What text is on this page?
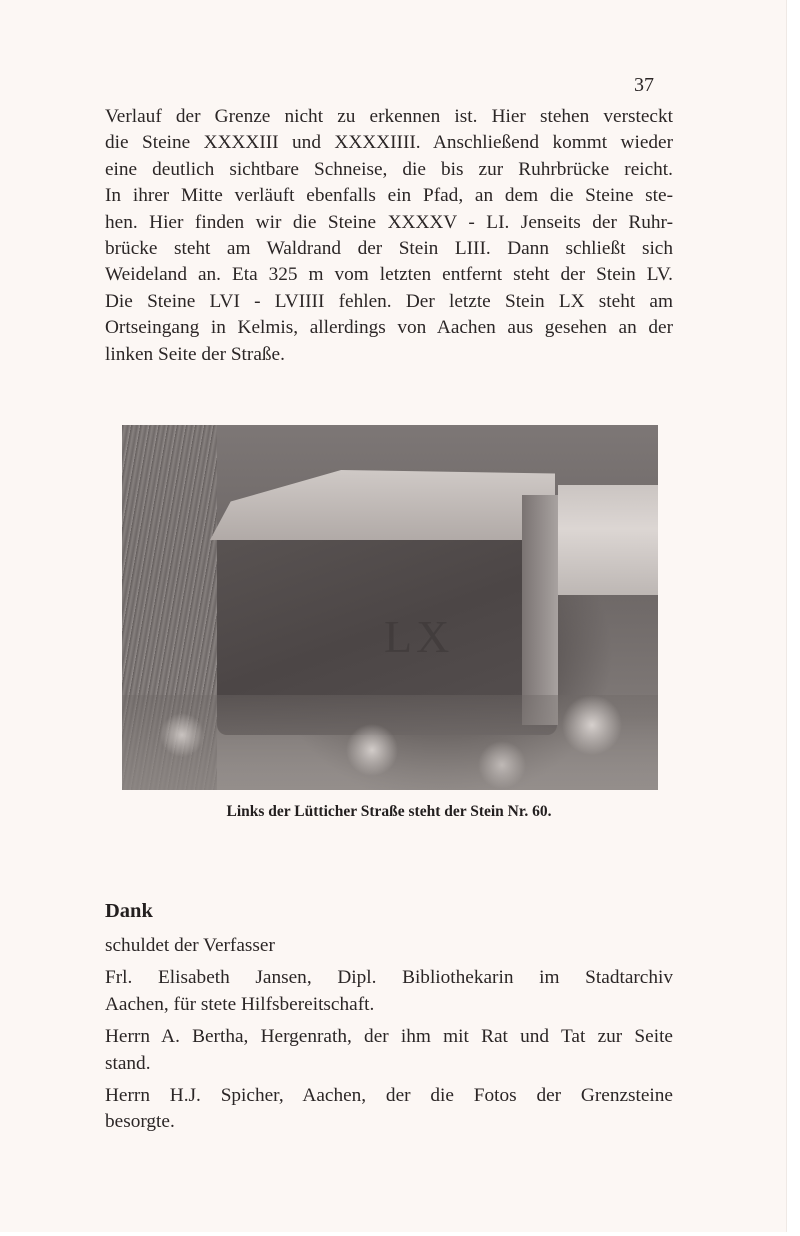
37
Verlauf der Grenze nicht zu erkennen ist. Hier stehen versteckt
die Steine XXXXIII und XXXXIIII. Anschließend kommt wieder
eine deutlich sichtbare Schneise, die bis zur Ruhrbrücke reicht.
In ihrer Mitte verläuft ebenfalls ein Pfad, an dem die Steine ste-
hen. Hier finden wir die Steine XXXXV - LI. Jenseits der Ruhr-
brücke steht am Waldrand der Stein LIII. Dann schließt sich
Weideland an. Eta 325 m vom letzten entfernt steht der Stein LV.
Die Steine LVI - LVIIII fehlen. Der letzte Stein LX steht am
Ortseingang in Kelmis, allerdings von Aachen aus gesehen an der
linken Seite der Straße.
LX
Links der Lütticher Straße steht der Stein Nr. 60.
Dank
schuldet der Verfasser
Frl. Elisabeth Jansen, Dipl. Bibliothekarin im Stadtarchiv
Aachen, für stete Hilfsbereitschaft.
Herrn A. Bertha, Hergenrath, der ihm mit Rat und Tat zur Seite
stand.
Herrn H.J. Spicher, Aachen, der die Fotos der Grenzsteine
besorgte.
